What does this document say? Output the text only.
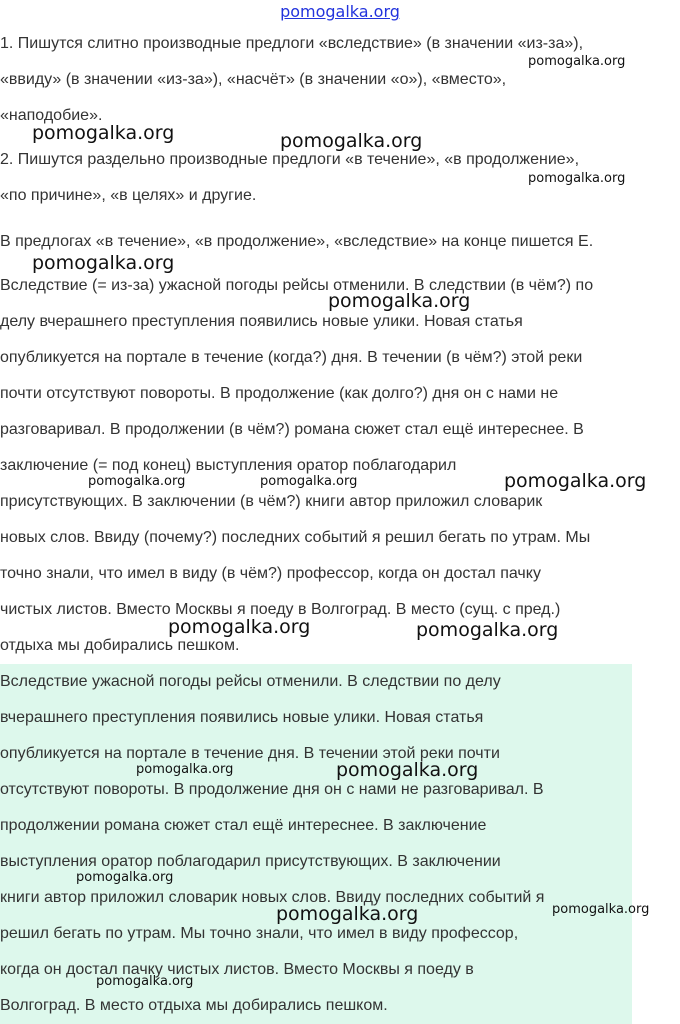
pomogalka.org
1. Пишутся слитно производные предлоги «вследствие» (в значении «из-за»),
«ввиду» (в значении «из-за»), «насчёт» (в значении «о»), «вместо»,
«наподобие».
2. Пишутся раздельно производные предлоги «в течение», «в продолжение»,
«по причине», «в целях» и другие.
В предлогах «в течение», «в продолжение», «вследствие» на конце пишется Е.
Вследствие (= из-за) ужасной погоды рейсы отменили. В следствии (в чём?) по
делу вчерашнего преступления появились новые улики. Новая статья
опубликуется на портале в течение (когда?) дня. В течении (в чём?) этой реки
почти отсутствуют повороты. В продолжение (как долго?) дня он с нами не
разговаривал. В продолжении (в чём?) романа сюжет стал ещё интереснее. В
заключение (= под конец) выступления оратор поблагодарил
присутствующих. В заключении (в чём?) книги автор приложил словарик
новых слов. Ввиду (почему?) последних событий я решил бегать по утрам. Мы
точно знали, что имел в виду (в чём?) профессор, когда он достал пачку
чистых листов. Вместо Москвы я поеду в Волгоград. В место (сущ. с пред.)
отдыха мы добирались пешком.
Вследствие ужасной погоды рейсы отменили. В следствии по делу
вчерашнего преступления появились новые улики. Новая статья
опубликуется на портале в течение дня. В течении этой реки почти
отсутствуют повороты. В продолжение дня он с нами не разговаривал. В
продолжении романа сюжет стал ещё интереснее. В заключение
выступления оратор поблагодарил присутствующих. В заключении
книги автор приложил словарик новых слов. Ввиду последних событий я
решил бегать по утрам. Мы точно знали, что имел в виду профессор,
когда он достал пачку чистых листов. Вместо Москвы я поеду в
Волгоград. В место отдыха мы добирались пешком.
pomogalka.org
pomogalka.org	pomogalka.org
pomogalka.org
pomogalka.org
pomogalka.org
pomogalka.org	pomogalka.org	pomogalka.org
pomogalka.org	pomogalka.org
pomogalka.org	pomogalka.org
pomogalka.org
pomogalka.org	pomogalka.org
pomogalka.org
